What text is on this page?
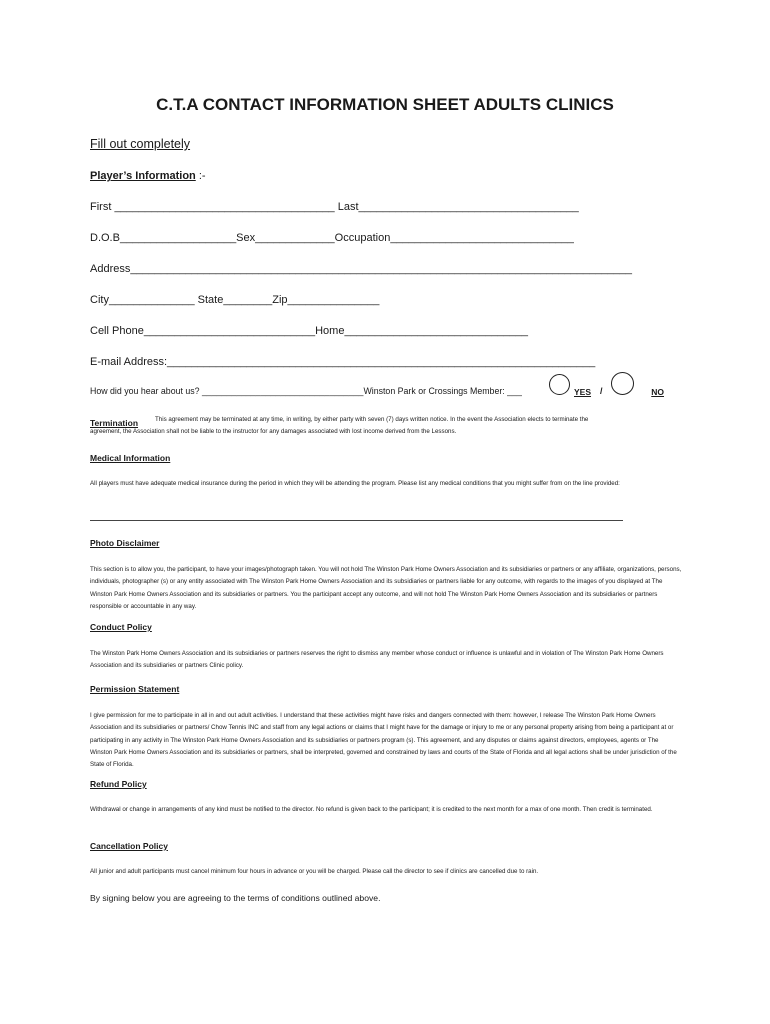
C.T.A CONTACT INFORMATION SHEET ADULTS CLINICS
Fill out completely
Player’s Information :-
First ____________________________________ Last____________________________________
D.O.B___________________Sex_____________Occupation______________________________
Address__________________________________________________________________________________
City______________ State________Zip_______________
Cell Phone____________________________Home______________________________
E-mail Address:______________________________________________________________________
How did you hear about us? _________________________________Winston Park or Crossings Member: ___	YES /	NO
Termination	This agreement may be terminated at any time, in writing, by either party with seven (7) days written notice. In the event the Association elects to terminate the
agreement, the Association shall not be liable to the instructor for any damages associated with lost income derived from the Lessons.
Medical Information
All players must have adequate medical insurance during the period in which they will be attending the program. Please list any medical conditions that you might suffer from on the line provided:
Photo Disclaimer
This section is to allow you, the participant, to have your images/photograph taken. You will not hold The Winston Park Home Owners Association and its subsidiaries or partners or any affiliate, organizations, persons, individuals, photographer (s) or any entity associated with The Winston Park Home Owners Association and its subsidiaries or partners liable for any outcome, with regards to the images of you displayed at The Winston Park Home Owners Association and its subsidiaries or partners. You the participant accept any outcome, and will not hold The Winston Park Home Owners Association and its subsidiaries or partners responsible or accountable in any way.
Conduct Policy
The Winston Park Home Owners Association and its subsidiaries or partners reserves the right to dismiss any member whose conduct or influence is unlawful and in violation of The Winston Park Home Owners Association and its subsidiaries or partners Clinic policy.
Permission Statement
I give permission for me to participate in all in and out adult activities. I understand that these activities might have risks and dangers connected with them: however, I release The Winston Park Home Owners Association and its subsidiaries or partners/ Chow Tennis INC and staff from any legal actions or claims that I might have for the damage or injury to me or any personal property arising from being a participant at or participating in any activity in The Winston Park Home Owners Association and its subsidiaries or partners program (s). This agreement, and any disputes or claims against directors, employees, agents or The Winston Park Home Owners Association and its subsidiaries or partners, shall be interpreted, governed and constrained by laws and courts of the State of Florida and all legal actions shall be under jurisdiction of the State of Florida.
Refund Policy
Withdrawal or change in arrangements of any kind must be notified to the director. No refund is given back to the participant; it is credited to the next month for a max of one month. Then credit is terminated.
Cancellation Policy
All junior and adult participants must cancel minimum four hours in advance or you will be charged. Please call the director to see if clinics are cancelled due to rain.
By signing below you are agreeing to the terms of conditions outlined above.
